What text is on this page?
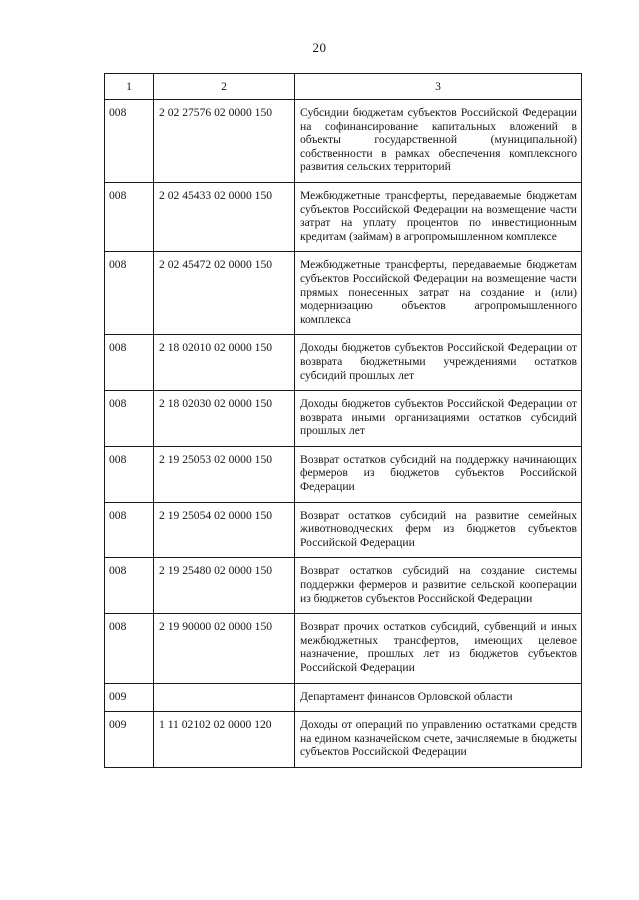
20
1	2	3
008	2 02 27576 02 0000 150	Субсидии бюджетам субъектов Российской Федерации на софинансирование капитальных вложений в объекты государственной (муниципальной) собственности в рамках обеспечения комплексного развития сельских территорий
008	2 02 45433 02 0000 150	Межбюджетные трансферты, передаваемые бюджетам субъектов Российской Федерации на возмещение части затрат на уплату процентов по инвестиционным кредитам (займам) в агропромышленном комплексе
008	2 02 45472 02 0000 150	Межбюджетные трансферты, передаваемые бюджетам субъектов Российской Федерации на возмещение части прямых понесенных затрат на создание и (или) модернизацию объектов агропромышленного комплекса
008	2 18 02010 02 0000 150	Доходы бюджетов субъектов Российской Федерации от возврата бюджетными учреждениями остатков субсидий прошлых лет
008	2 18 02030 02 0000 150	Доходы бюджетов субъектов Российской Федерации от возврата иными организациями остатков субсидий прошлых лет
008	2 19 25053 02 0000 150	Возврат остатков субсидий на поддержку начинающих фермеров из бюджетов субъектов Российской Федерации
008	2 19 25054 02 0000 150	Возврат остатков субсидий на развитие семейных животноводческих ферм из бюджетов субъектов Российской Федерации
008	2 19 25480 02 0000 150	Возврат остатков субсидий на создание системы поддержки фермеров и развитие сельской кооперации из бюджетов субъектов Российской Федерации
008	2 19 90000 02 0000 150	Возврат прочих остатков субсидий, субвенций и иных межбюджетных трансфертов, имеющих целевое назначение, прошлых лет из бюджетов субъектов Российской Федерации
009		Департамент финансов Орловской области
009	1 11 02102 02 0000 120	Доходы от операций по управлению остатками средств на едином казначейском счете, зачисляемые в бюджеты субъектов Российской Федерации
